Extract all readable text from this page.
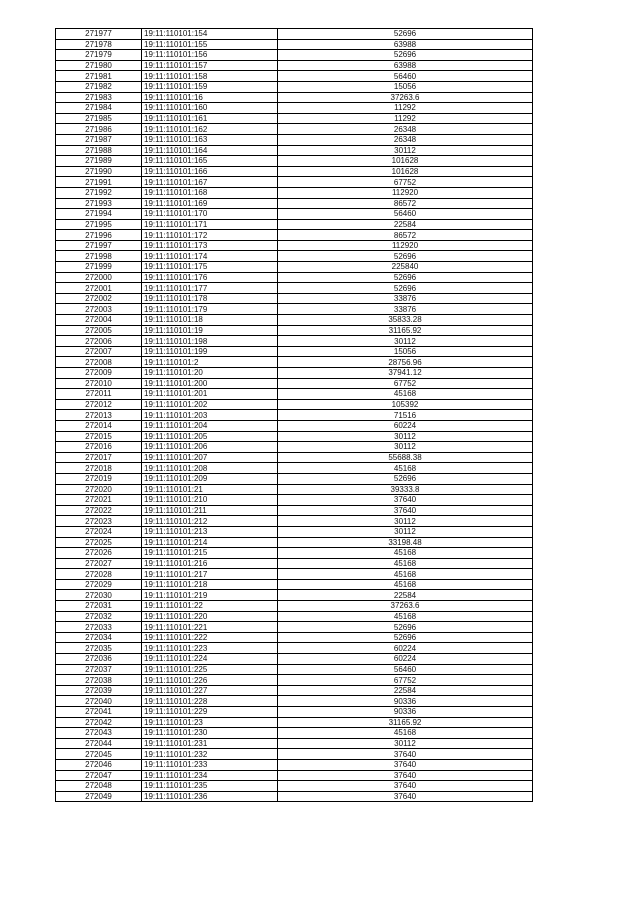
271977	19:11:110101:154	52696
271978	19:11:110101:155	63988
271979	19:11:110101:156	52696
271980	19:11:110101:157	63988
271981	19:11:110101:158	56460
271982	19:11:110101:159	15056
271983	19:11:110101:16	37263.6
271984	19:11:110101:160	11292
271985	19:11:110101:161	11292
271986	19:11:110101:162	26348
271987	19:11:110101:163	26348
271988	19:11:110101:164	30112
271989	19:11:110101:165	101628
271990	19:11:110101:166	101628
271991	19:11:110101:167	67752
271992	19:11:110101:168	112920
271993	19:11:110101:169	86572
271994	19:11:110101:170	56460
271995	19:11:110101:171	22584
271996	19:11:110101:172	86572
271997	19:11:110101:173	112920
271998	19:11:110101:174	52696
271999	19:11:110101:175	225840
272000	19:11:110101:176	52696
272001	19:11:110101:177	52696
272002	19:11:110101:178	33876
272003	19:11:110101:179	33876
272004	19:11:110101:18	35833.28
272005	19:11:110101:19	31165.92
272006	19:11:110101:198	30112
272007	19:11:110101:199	15056
272008	19:11:110101:2	28756.96
272009	19:11:110101:20	37941.12
272010	19:11:110101:200	67752
272011	19:11:110101:201	45168
272012	19:11:110101:202	105392
272013	19:11:110101:203	71516
272014	19:11:110101:204	60224
272015	19:11:110101:205	30112
272016	19:11:110101:206	30112
272017	19:11:110101:207	55688.38
272018	19:11:110101:208	45168
272019	19:11:110101:209	52696
272020	19:11:110101:21	39333.8
272021	19:11:110101:210	37640
272022	19:11:110101:211	37640
272023	19:11:110101:212	30112
272024	19:11:110101:213	30112
272025	19:11:110101:214	33198.48
272026	19:11:110101:215	45168
272027	19:11:110101:216	45168
272028	19:11:110101:217	45168
272029	19:11:110101:218	45168
272030	19:11:110101:219	22584
272031	19:11:110101:22	37263.6
272032	19:11:110101:220	45168
272033	19:11:110101:221	52696
272034	19:11:110101:222	52696
272035	19:11:110101:223	60224
272036	19:11:110101:224	60224
272037	19:11:110101:225	56460
272038	19:11:110101:226	67752
272039	19:11:110101:227	22584
272040	19:11:110101:228	90336
272041	19:11:110101:229	90336
272042	19:11:110101:23	31165.92
272043	19:11:110101:230	45168
272044	19:11:110101:231	30112
272045	19:11:110101:232	37640
272046	19:11:110101:233	37640
272047	19:11:110101:234	37640
272048	19:11:110101:235	37640
272049	19:11:110101:236	37640
